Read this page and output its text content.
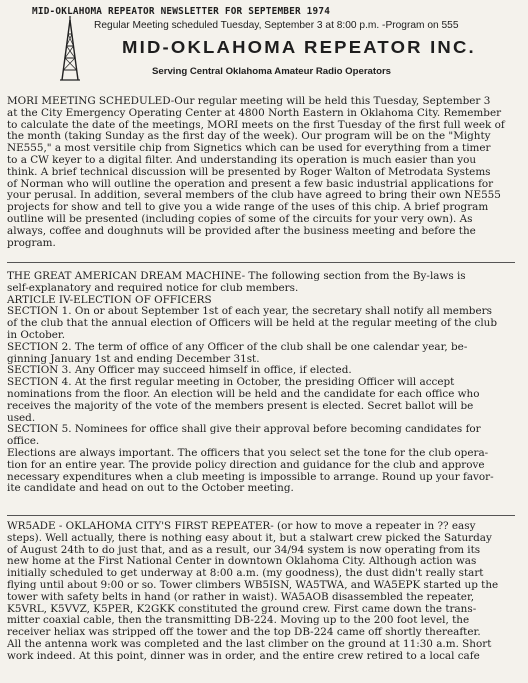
MID-OKLAHOMA REPEATOR NEWSLETTER FOR SEPTEMBER 1974
Regular Meeting scheduled Tuesday, September 3 at 8:00 p.m. -Program on 555
MID-OKLAHOMA REPEATOR INC.
Serving Central Oklahoma Amateur Radio Operators
MORI MEETING SCHEDULED-Our regular meeting will be held this Tuesday, September 3
at the City Emergency Operating Center at 4800 North Eastern in Oklahoma City. Remember
to calculate the date of the meetings, MORI meets on the first Tuesday of the first full week of
the month (taking Sunday as the first day of the week). Our program will be on the "Mighty
NE555," a most versitile chip from Signetics which can be used for everything from a timer
to a CW keyer to a digital filter. And understanding its operation is much easier than you
think. A brief technical discussion will be presented by Roger Walton of Metrodata Systems
of Norman who will outline the operation and present a few basic industrial applications for
your perusal. In addition, several members of the club have agreed to bring their own NE555
projects for show and tell to give you a wide range of the uses of this chip. A brief program
outline will be presented (including copies of some of the circuits for your very own). As
always, coffee and doughnuts will be provided after the business meeting and before the
program.
THE GREAT AMERICAN DREAM MACHINE- The following section from the By-laws is
self-explanatory and required notice for club members.
ARTICLE IV-ELECTION OF OFFICERS
SECTION 1. On or about September 1st of each year, the secretary shall notify all members
of the club that the annual election of Officers will be held at the regular meeting of the club
in October.
SECTION 2. The term of office of any Officer of the club shall be one calendar year, be-
ginning January 1st and ending December 31st.
SECTION 3. Any Officer may succeed himself in office, if elected.
SECTION 4. At the first regular meeting in October, the presiding Officer will accept
nominations from the floor. An election will be held and the candidate for each office who
receives the majority of the vote of the members present is elected. Secret ballot will be
used.
SECTION 5. Nominees for office shall give their approval before becoming candidates for
office.
Elections are always important. The officers that you select set the tone for the club opera-
tion for an entire year. The provide policy direction and guidance for the club and approve
necessary expenditures when a club meeting is impossible to arrange. Round up your favor-
ite candidate and head on out to the October meeting.
WR5ADE - OKLAHOMA CITY'S FIRST REPEATER- (or how to move a repeater in ?? easy
steps). Well actually, there is nothing easy about it, but a stalwart crew picked the Saturday
of August 24th to do just that, and as a result, our 34/94 system is now operating from its
new home at the First National Center in downtown Oklahoma City. Although action was
initially scheduled to get underway at 8:00 a.m. (my goodness), the dust didn't really start
flying until about 9:00 or so. Tower climbers WB5ISN, WA5TWA, and WA5EPK started up the
tower with safety belts in hand (or rather in waist). WA5AOB disassembled the repeater,
K5VRL, K5VVZ, K5PER, K2GKK constituted the ground crew. First came down the trans-
mitter coaxial cable, then the transmitting DB-224. Moving up to the 200 foot level, the
receiver heliax was stripped off the tower and the top DB-224 came off shortly thereafter.
All the antenna work was completed and the last climber on the ground at 11:30 a.m. Short
work indeed. At this point, dinner was in order, and the entire crew retired to a local cafe
